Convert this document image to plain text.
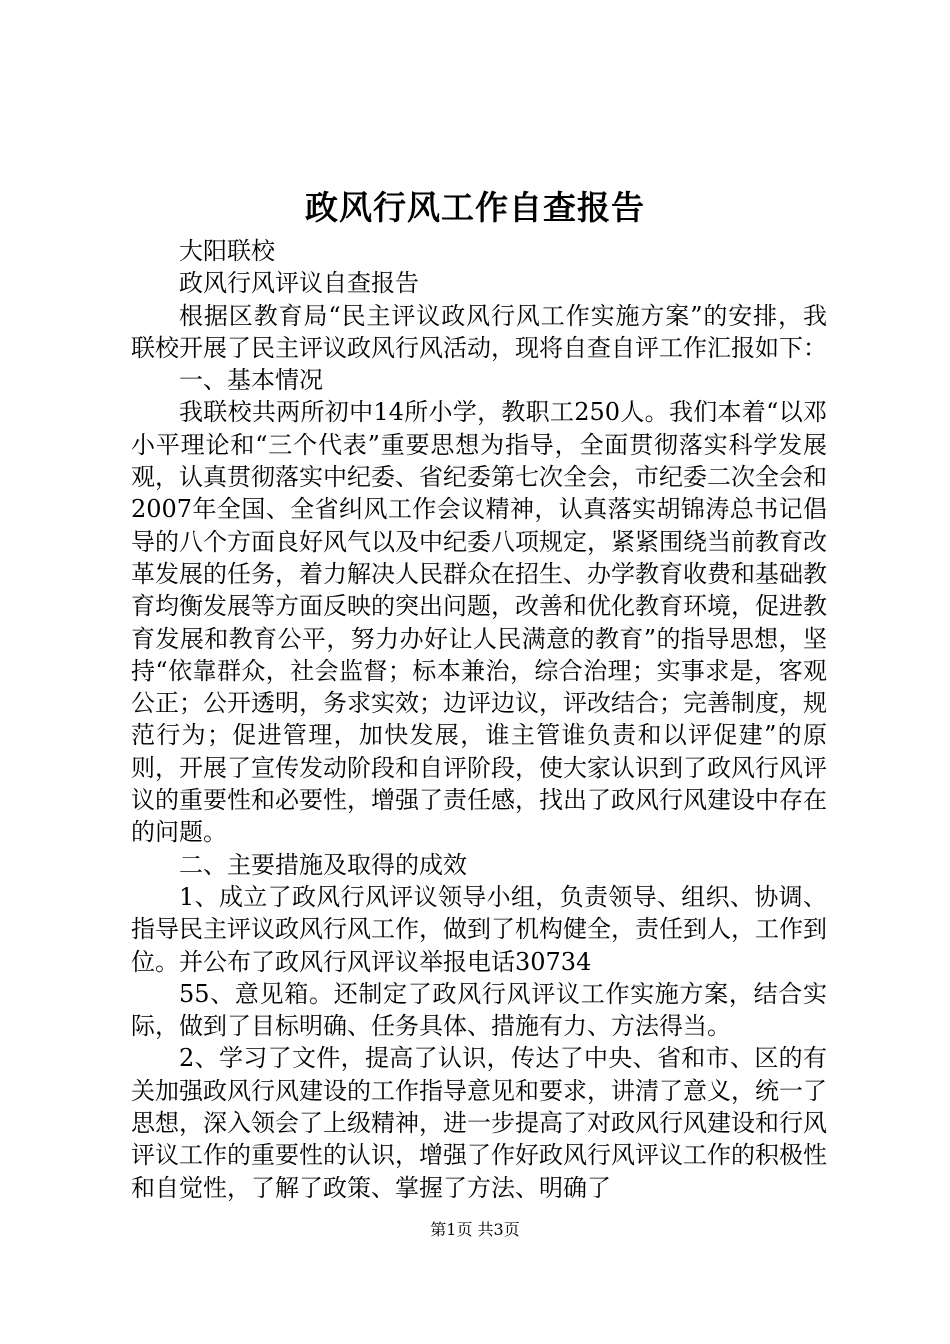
政风行风工作自查报告

大阳联校

政风行风评议自查报告

根据区教育局“民主评议政风行风工作实施方案”的安排，我联校开展了民主评议政风行风活动，现将自查自评工作汇报如下：

一、基本情况

我联校共两所初中14所小学，教职工250人。我们本着“以邓小平理论和“三个代表”重要思想为指导，全面贯彻落实科学发展观，认真贯彻落实中纪委、省纪委第七次全会，市纪委二次全会和2007年全国、全省纠风工作会议精神，认真落实胡锦涛总书记倡导的八个方面良好风气以及中纪委八项规定，紧紧围绕当前教育改革发展的任务，着力解决人民群众在招生、办学教育收费和基础教育均衡发展等方面反映的突出问题，改善和优化教育环境，促进教育发展和教育公平，努力办好让人民满意的教育”的指导思想，坚持“依靠群众，社会监督；标本兼治，综合治理；实事求是，客观公正；公开透明，务求实效；边评边议，评改结合；完善制度，规范行为；促进管理，加快发展，谁主管谁负责和以评促建”的原则，开展了宣传发动阶段和自评阶段，使大家认识到了政风行风评议的重要性和必要性，增强了责任感，找出了政风行风建设中存在的问题。

二、主要措施及取得的成效

1、成立了政风行风评议领导小组，负责领导、组织、协调、指导民主评议政风行风工作，做到了机构健全，责任到人，工作到位。并公布了政风行风评议举报电话30734

55、意见箱。还制定了政风行风评议工作实施方案，结合实际，做到了目标明确、任务具体、措施有力、方法得当。

2、学习了文件，提高了认识，传达了中央、省和市、区的有关加强政风行风建设的工作指导意见和要求，讲清了意义，统一了思想，深入领会了上级精神，进一步提高了对政风行风建设和行风评议工作的重要性的认识，增强了作好政风行风评议工作的积极性和自觉性，了解了政策、掌握了方法、明确了

第1页 共3页
